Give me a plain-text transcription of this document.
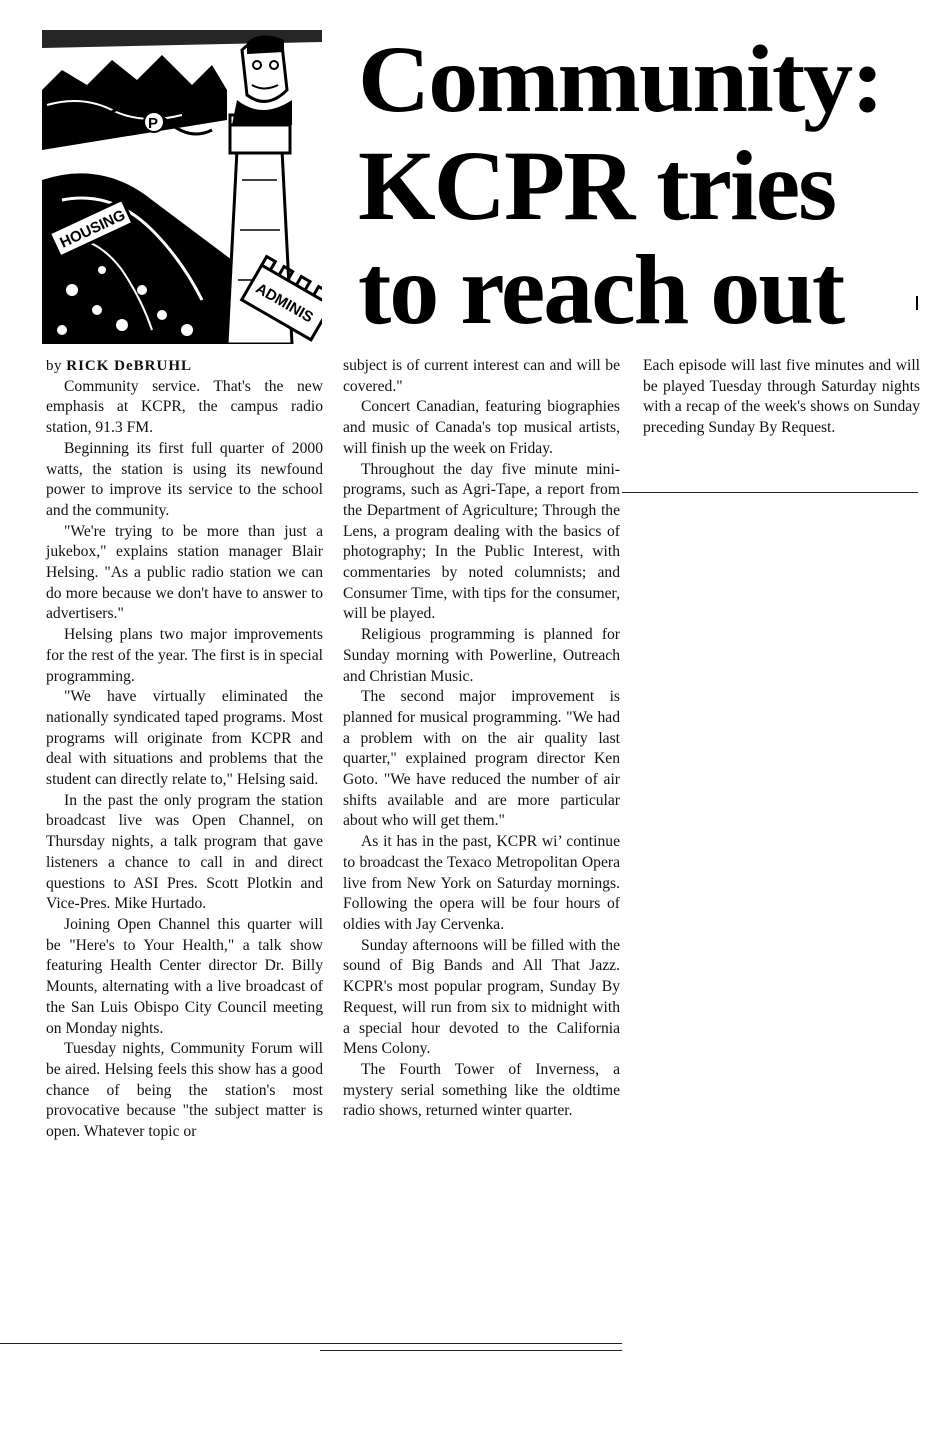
P
HOUSING
ADMINIS
Community:
KCPR tries
to reach out

by RICK DeBRUHL

Community service. That's the new emphasis at KCPR, the campus radio station, 91.3 FM.

Beginning its first full quarter of 2000 watts, the station is using its newfound power to improve its service to the school and the community.

"We're trying to be more than just a jukebox," explains station manager Blair Helsing. "As a public radio station we can do more because we don't have to answer to advertisers."

Helsing plans two major improvements for the rest of the year. The first is in special programming.

"We have virtually eliminated the nationally syndicated taped programs. Most programs will originate from KCPR and deal with situations and problems that the student can directly relate to," Helsing said.

In the past the only program the station broadcast live was Open Channel, on Thursday nights, a talk program that gave listeners a chance to call in and direct questions to ASI Pres. Scott Plotkin and Vice-Pres. Mike Hurtado.

Joining Open Channel this quarter will be "Here's to Your Health," a talk show featuring Health Center director Dr. Billy Mounts, alternating with a live broadcast of the San Luis Obispo City Council meeting on Monday nights.

Tuesday nights, Community Forum will be aired. Helsing feels this show has a good chance of being the station's most provocative because "the subject matter is open. Whatever topic or

subject is of current interest can and will be covered."

Concert Canadian, featuring biographies and music of Canada's top musical artists, will finish up the week on Friday.

Throughout the day five minute mini-programs, such as Agri-Tape, a report from the Department of Agriculture; Through the Lens, a program dealing with the basics of photography; In the Public Interest, with commentaries by noted columnists; and Consumer Time, with tips for the consumer, will be played.

Religious programming is planned for Sunday morning with Powerline, Outreach and Christian Music.

The second major improvement is planned for musical programming. "We had a problem with on the air quality last quarter," explained program director Ken Goto. "We have reduced the number of air shifts available and are more particular about who will get them."

As it has in the past, KCPR wi’ continue to broadcast the Texaco Metropolitan Opera live from New York on Saturday mornings. Following the opera will be four hours of oldies with Jay Cervenka.

Sunday afternoons will be filled with the sound of Big Bands and All That Jazz. KCPR's most popular program, Sunday By Request, will run from six to midnight with a special hour devoted to the California Mens Colony.

The Fourth Tower of Inverness, a mystery serial something like the oldtime radio shows, returned winter quarter.

Each episode will last five minutes and will be played Tuesday through Saturday nights with a recap of the week's shows on Sunday preceding Sunday By Request.
